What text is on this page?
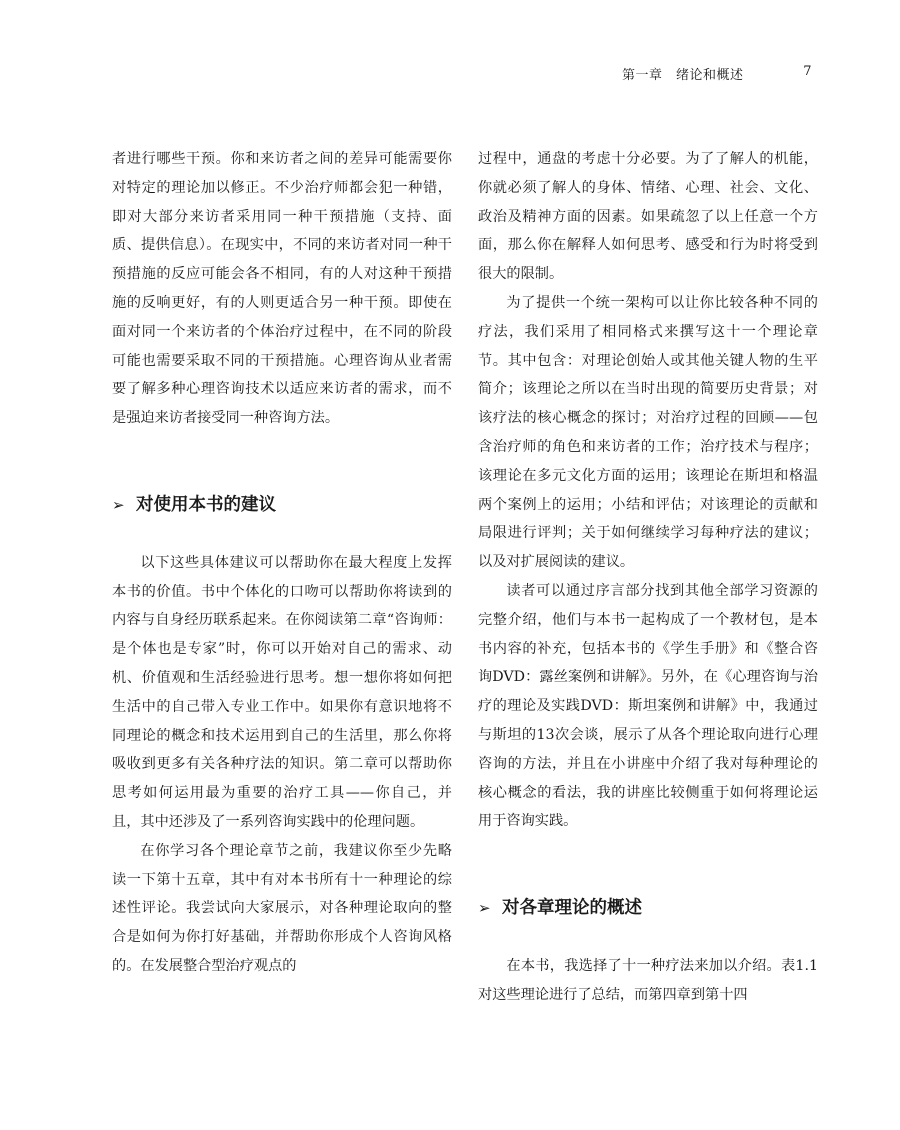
第一章　绪论和概述	7

者进行哪些干预。你和来访者之间的差异可能需要你对特定的理论加以修正。不少治疗师都会犯一种错，即对大部分来访者采用同一种干预措施（支持、面质、提供信息）。在现实中，不同的来访者对同一种干预措施的反应可能会各不相同，有的人对这种干预措施的反响更好，有的人则更适合另一种干预。即使在面对同一个来访者的个体治疗过程中，在不同的阶段可能也需要采取不同的干预措施。心理咨询从业者需要了解多种心理咨询技术以适应来访者的需求，而不是强迫来访者接受同一种咨询方法。

➢ 对使用本书的建议

以下这些具体建议可以帮助你在最大程度上发挥本书的价值。书中个体化的口吻可以帮助你将读到的内容与自身经历联系起来。在你阅读第二章“咨询师：是个体也是专家”时，你可以开始对自己的需求、动机、价值观和生活经验进行思考。想一想你将如何把生活中的自己带入专业工作中。如果你有意识地将不同理论的概念和技术运用到自己的生活里，那么你将吸收到更多有关各种疗法的知识。第二章可以帮助你思考如何运用最为重要的治疗工具——你自己，并且，其中还涉及了一系列咨询实践中的伦理问题。

在你学习各个理论章节之前，我建议你至少先略读一下第十五章，其中有对本书所有十一种理论的综述性评论。我尝试向大家展示，对各种理论取向的整合是如何为你打好基础，并帮助你形成个人咨询风格的。在发展整合型治疗观点的

过程中，通盘的考虑十分必要。为了了解人的机能，你就必须了解人的身体、情绪、心理、社会、文化、政治及精神方面的因素。如果疏忽了以上任意一个方面，那么你在解释人如何思考、感受和行为时将受到很大的限制。

为了提供一个统一架构可以让你比较各种不同的疗法，我们采用了相同格式来撰写这十一个理论章节。其中包含：对理论创始人或其他关键人物的生平简介；该理论之所以在当时出现的简要历史背景；对该疗法的核心概念的探讨；对治疗过程的回顾——包含治疗师的角色和来访者的工作；治疗技术与程序；该理论在多元文化方面的运用；该理论在斯坦和格温两个案例上的运用；小结和评估；对该理论的贡献和局限进行评判；关于如何继续学习每种疗法的建议；以及对扩展阅读的建议。

读者可以通过序言部分找到其他全部学习资源的完整介绍，他们与本书一起构成了一个教材包，是本书内容的补充，包括本书的《学生手册》和《整合咨询DVD：露丝案例和讲解》。另外，在《心理咨询与治疗的理论及实践DVD：斯坦案例和讲解》中，我通过与斯坦的13次会谈，展示了从各个理论取向进行心理咨询的方法，并且在小讲座中介绍了我对每种理论的核心概念的看法，我的讲座比较侧重于如何将理论运用于咨询实践。

➢ 对各章理论的概述

在本书，我选择了十一种疗法来加以介绍。表1.1对这些理论进行了总结，而第四章到第十四
